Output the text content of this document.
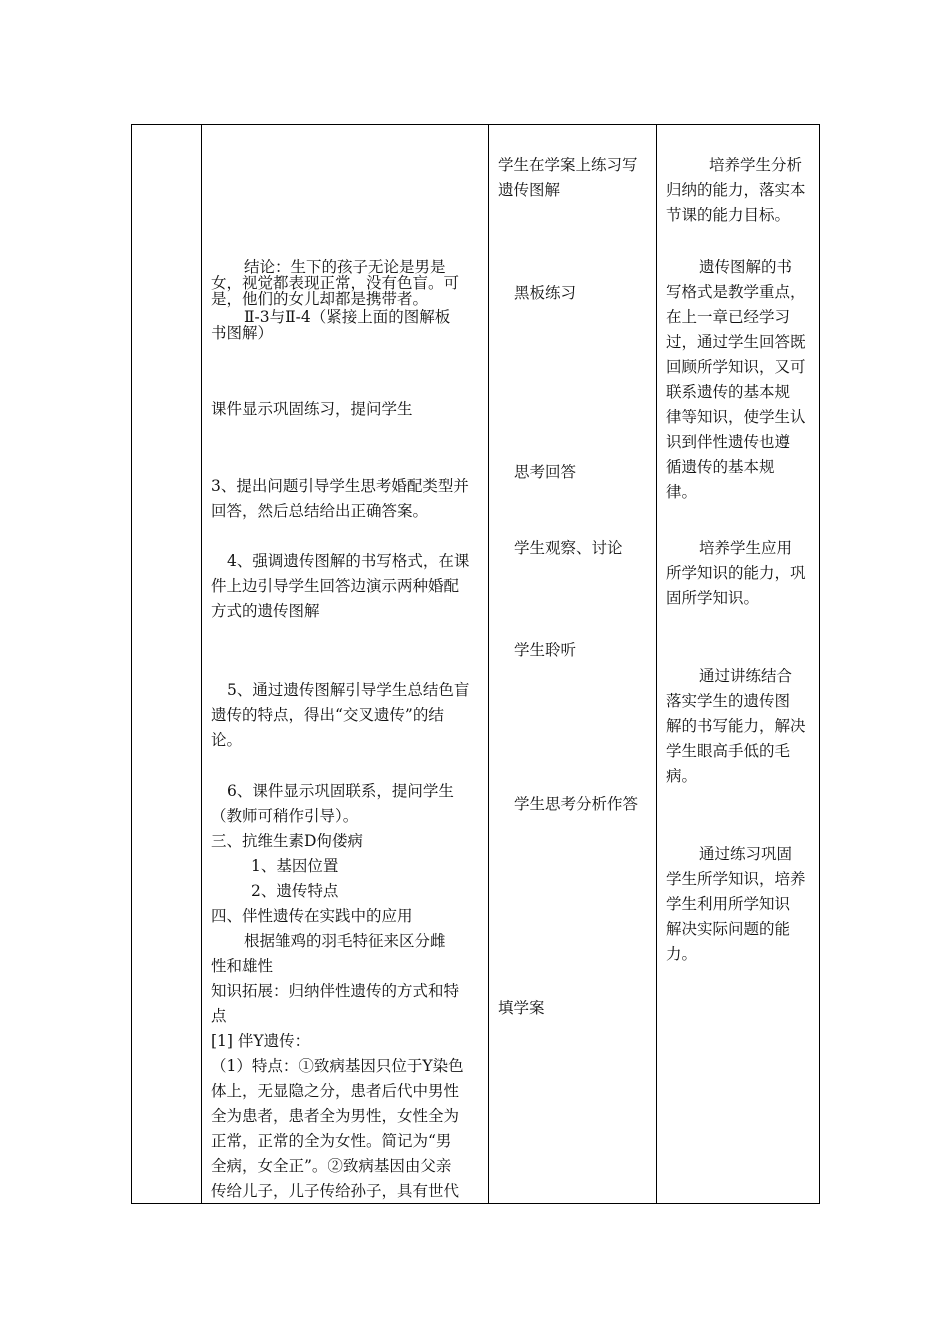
结论：生下的孩子无论是男是
女，视觉都表现正常，没有色盲。可
是，他们的女儿却都是携带者。
Ⅱ-3与Ⅱ-4（紧接上面的图解板
书图解）
课件显示巩固练习，提问学生
3、提出问题引导学生思考婚配类型并
回答，然后总结给出正确答案。
4、强调遗传图解的书写格式，在课
件上边引导学生回答边演示两种婚配
方式的遗传图解
5、通过遗传图解引导学生总结色盲
遗传的特点，得出“交叉遗传”的结
论。
6、课件显示巩固联系，提问学生
（教师可稍作引导）。
三、抗维生素D佝偻病
1、基因位置
2、遗传特点
四、伴性遗传在实践中的应用
根据雏鸡的羽毛特征来区分雌
性和雄性
知识拓展：归纳伴性遗传的方式和特
点
[1] 伴Y遗传：
（1）特点：①致病基因只位于Y染色
体上，无显隐之分，患者后代中男性
全为患者，患者全为男性，女性全为
正常，正常的全为女性。简记为“男
全病，女全正”。②致病基因由父亲
传给儿子，儿子传给孙子，具有世代
学生在学案上练习写
遗传图解
黑板练习
思考回答
学生观察、讨论
学生聆听
学生思考分析作答
填学案
培养学生分析
归纳的能力，落实本
节课的能力目标。
遗传图解的书
写格式是教学重点，
在上一章已经学习
过，通过学生回答既
回顾所学知识，又可
联系遗传的基本规
律等知识，使学生认
识到伴性遗传也遵
循遗传的基本规
律。
培养学生应用
所学知识的能力，巩
固所学知识。
通过讲练结合
落实学生的遗传图
解的书写能力，解决
学生眼高手低的毛
病。
通过练习巩固
学生所学知识，培养
学生利用所学知识
解决实际问题的能
力。
